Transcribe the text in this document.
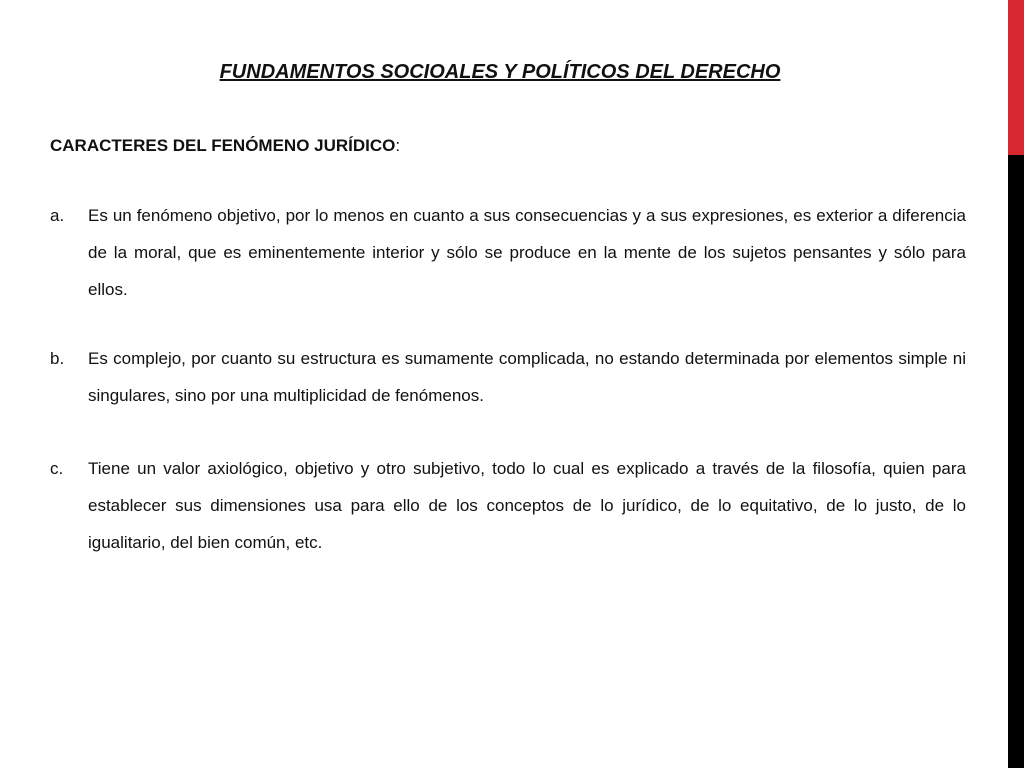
FUNDAMENTOS SOCIOALES Y POLÍTICOS DEL DERECHO
CARACTERES DEL FENÓMENO JURÍDICO:
a. Es un fenómeno objetivo, por lo menos en cuanto a sus consecuencias y a sus expresiones, es exterior a diferencia de la moral, que es eminentemente interior y sólo se produce en la mente de los sujetos pensantes y sólo para ellos.
b. Es complejo, por cuanto su estructura es sumamente complicada, no estando determinada por elementos simple ni singulares, sino por una multiplicidad de fenómenos.
c. Tiene un valor axiológico, objetivo y otro subjetivo, todo lo cual es explicado a través de la filosofía, quien para establecer sus dimensiones usa para ello de los conceptos de lo jurídico, de lo equitativo, de lo justo, de lo igualitario, del bien común, etc.
